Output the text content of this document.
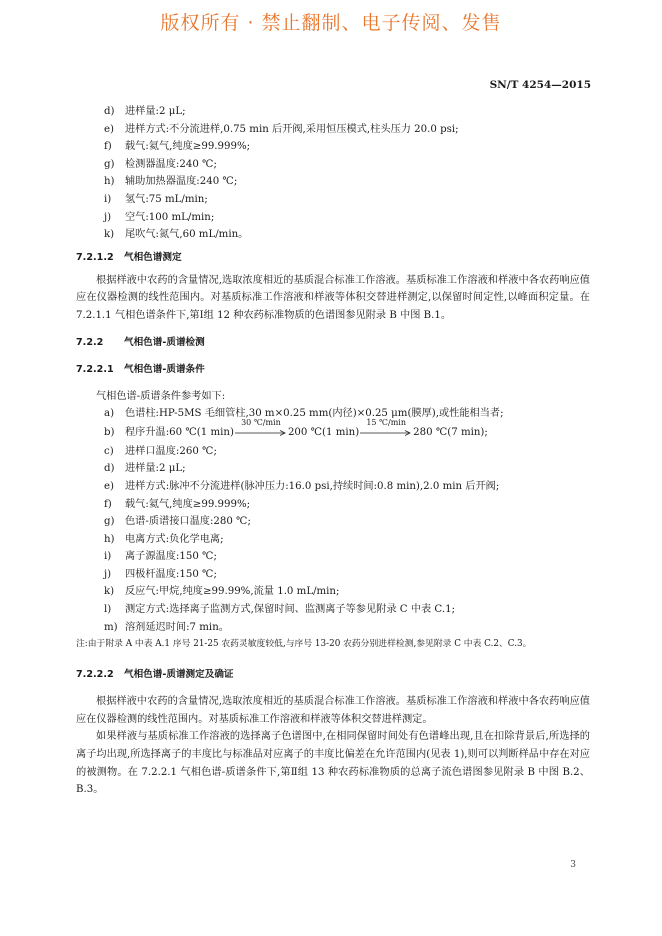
版权所有 · 禁止翻制、电子传阅、发售
SN/T 4254—2015
d)	进样量:2 μL;
e)	进样方式:不分流进样,0.75 min 后开阀,采用恒压模式,柱头压力 20.0 psi;
f)	载气:氦气,纯度≥99.999%;
g)	检测器温度:240 ℃;
h)	辅助加热器温度:240 ℃;
i)	氢气:75 mL/min;
j)	空气:100 mL/min;
k)	尾吹气:氮气,60 mL/min。
7.2.1.2 气相色谱测定
根据样液中农药的含量情况,选取浓度相近的基质混合标准工作溶液。基质标准工作溶液和样液中各农药响应值应在仪器检测的线性范围内。对基质标准工作溶液和样液等体积交替进样测定,以保留时间定性,以峰面积定量。在 7.2.1.1 气相色谱条件下,第Ⅰ组 12 种农药标准物质的色谱图参见附录 B 中图 B.1。
7.2.2 气相色谱-质谱检测
7.2.2.1 气相色谱-质谱条件
气相色谱-质谱条件参考如下:
a)	色谱柱:HP-5MS 毛细管柱,30 m×0.25 mm(内径)×0.25 μm(膜厚),或性能相当者;
b)	程序升温:60 ℃(1 min)
30 ℃/min
200 ℃(1 min)
15 ℃/min
280 ℃(7 min);
c)	进样口温度:260 ℃;
d)	进样量:2 μL;
e)	进样方式:脉冲不分流进样(脉冲压力:16.0 psi,持续时间:0.8 min),2.0 min 后开阀;
f)	载气:氦气,纯度≥99.999%;
g)	色谱-质谱接口温度:280 ℃;
h)	电离方式:负化学电离;
i)	离子源温度:150 ℃;
j)	四极杆温度:150 ℃;
k)	反应气:甲烷,纯度≥99.99%,流量 1.0 mL/min;
l)	测定方式:选择离子监测方式,保留时间、监测离子等参见附录 C 中表 C.1;
m) 溶剂延迟时间:7 min。
注:由于附录 A 中表 A.1 序号 21-25 农药灵敏度较低,与序号 13-20 农药分别进样检测,参见附录 C 中表 C.2、C.3。
7.2.2.2 气相色谱-质谱测定及确证
根据样液中农药的含量情况,选取浓度相近的基质混合标准工作溶液。基质标准工作溶液和样液中各农药响应值应在仪器检测的线性范围内。对基质标准工作溶液和样液等体积交替进样测定。
如果样液与基质标准工作溶液的选择离子色谱图中,在相同保留时间处有色谱峰出现,且在扣除背景后,所选择的离子均出现,所选择离子的丰度比与标准品对应离子的丰度比偏差在允许范围内(见表 1),则可以判断样品中存在对应的被测物。在 7.2.2.1 气相色谱-质谱条件下,第Ⅱ组 13 种农药标准物质的总离子流色谱图参见附录 B 中图 B.2、B.3。
3
